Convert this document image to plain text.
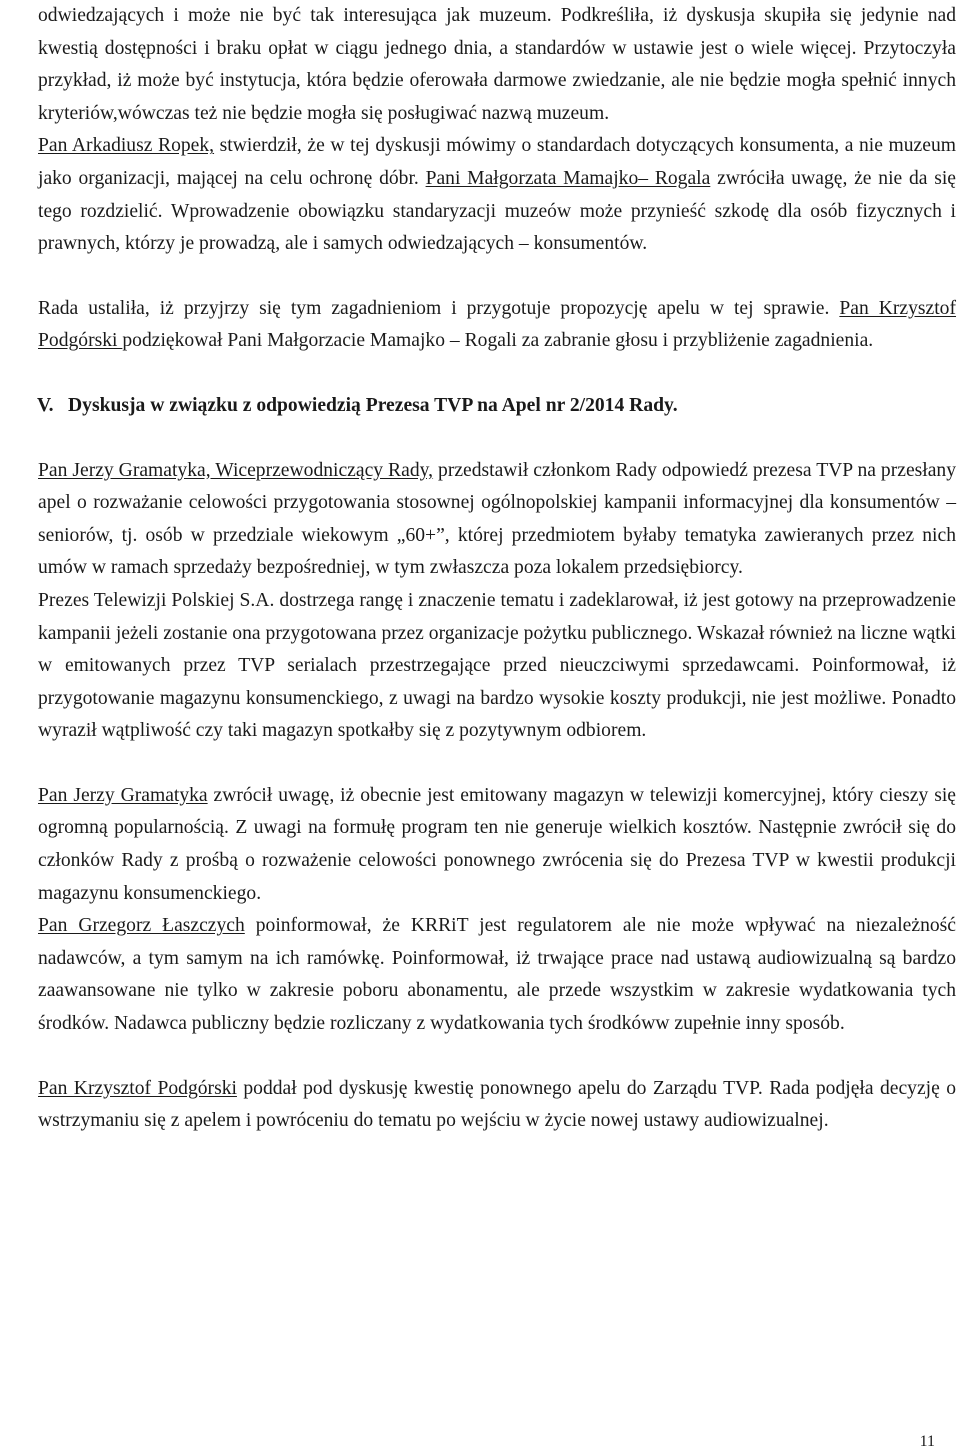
odwiedzających i może nie być tak interesująca jak muzeum. Podkreśliła, iż dyskusja skupiła się jedynie nad kwestią dostępności i braku opłat w ciągu jednego dnia, a standardów w ustawie jest o wiele więcej. Przytoczyła przykład, iż może być instytucja, która będzie oferowała darmowe zwiedzanie, ale nie będzie mogła spełnić innych kryteriów,wówczas też nie będzie mogła się posługiwać nazwą muzeum.

Pan Arkadiusz Ropek, stwierdził, że w tej dyskusji mówimy o standardach dotyczących konsumenta, a nie muzeum jako organizacji, mającej na celu ochronę dóbr. Pani Małgorzata Mamajko– Rogala zwróciła uwagę, że nie da się tego rozdzielić. Wprowadzenie obowiązku standaryzacji muzeów może przynieść szkodę dla osób fizycznych i prawnych, którzy je prowadzą, ale i samych odwiedzających – konsumentów.

Rada ustaliła, iż przyjrzy się tym zagadnieniom i przygotuje propozycję apelu w tej sprawie. Pan Krzysztof Podgórski podziękował Pani Małgorzacie Mamajko – Rogali za zabranie głosu i przybliżenie zagadnienia.

V. Dyskusja w związku z odpowiedzią Prezesa TVP na Apel nr 2/2014 Rady.

Pan Jerzy Gramatyka, Wiceprzewodniczący Rady, przedstawił członkom Rady odpowiedź prezesa TVP na przesłany apel o rozważanie celowości przygotowania stosownej ogólnopolskiej kampanii informacyjnej dla konsumentów – seniorów, tj. osób w przedziale wiekowym „60+”, której przedmiotem byłaby tematyka zawieranych przez nich umów w ramach sprzedaży bezpośredniej, w tym zwłaszcza poza lokalem przedsiębiorcy.

Prezes Telewizji Polskiej S.A. dostrzega rangę i znaczenie tematu i zadeklarował, iż jest gotowy na przeprowadzenie kampanii jeżeli zostanie ona przygotowana przez organizacje pożytku publicznego. Wskazał również na liczne wątki w emitowanych przez TVP serialach przestrzegające przed nieuczciwymi sprzedawcami. Poinformował, iż przygotowanie magazynu konsumenckiego, z uwagi na bardzo wysokie koszty produkcji, nie jest możliwe. Ponadto wyraził wątpliwość czy taki magazyn spotkałby się z pozytywnym odbiorem.

Pan Jerzy Gramatyka zwrócił uwagę, iż obecnie jest emitowany magazyn w telewizji komercyjnej, który cieszy się ogromną popularnością. Z uwagi na formułę program ten nie generuje wielkich kosztów. Następnie zwrócił się do członków Rady z prośbą o rozważenie celowości ponownego zwrócenia się do Prezesa TVP w kwestii produkcji magazynu konsumenckiego.

Pan Grzegorz Łaszczych poinformował, że KRRiT jest regulatorem ale nie może wpływać na niezależność nadawców, a tym samym na ich ramówkę. Poinformował, iż trwające prace nad ustawą audiowizualną są bardzo zaawansowane nie tylko w zakresie poboru abonamentu, ale przede wszystkim w zakresie wydatkowania tych środków. Nadawca publiczny będzie rozliczany z wydatkowania tych środkóww zupełnie inny sposób.

Pan Krzysztof Podgórski poddał pod dyskusję kwestię ponownego apelu do Zarządu TVP. Rada podjęła decyzję o wstrzymaniu się z apelem i powróceniu do tematu po wejściu w życie nowej ustawy audiowizualnej.

11
